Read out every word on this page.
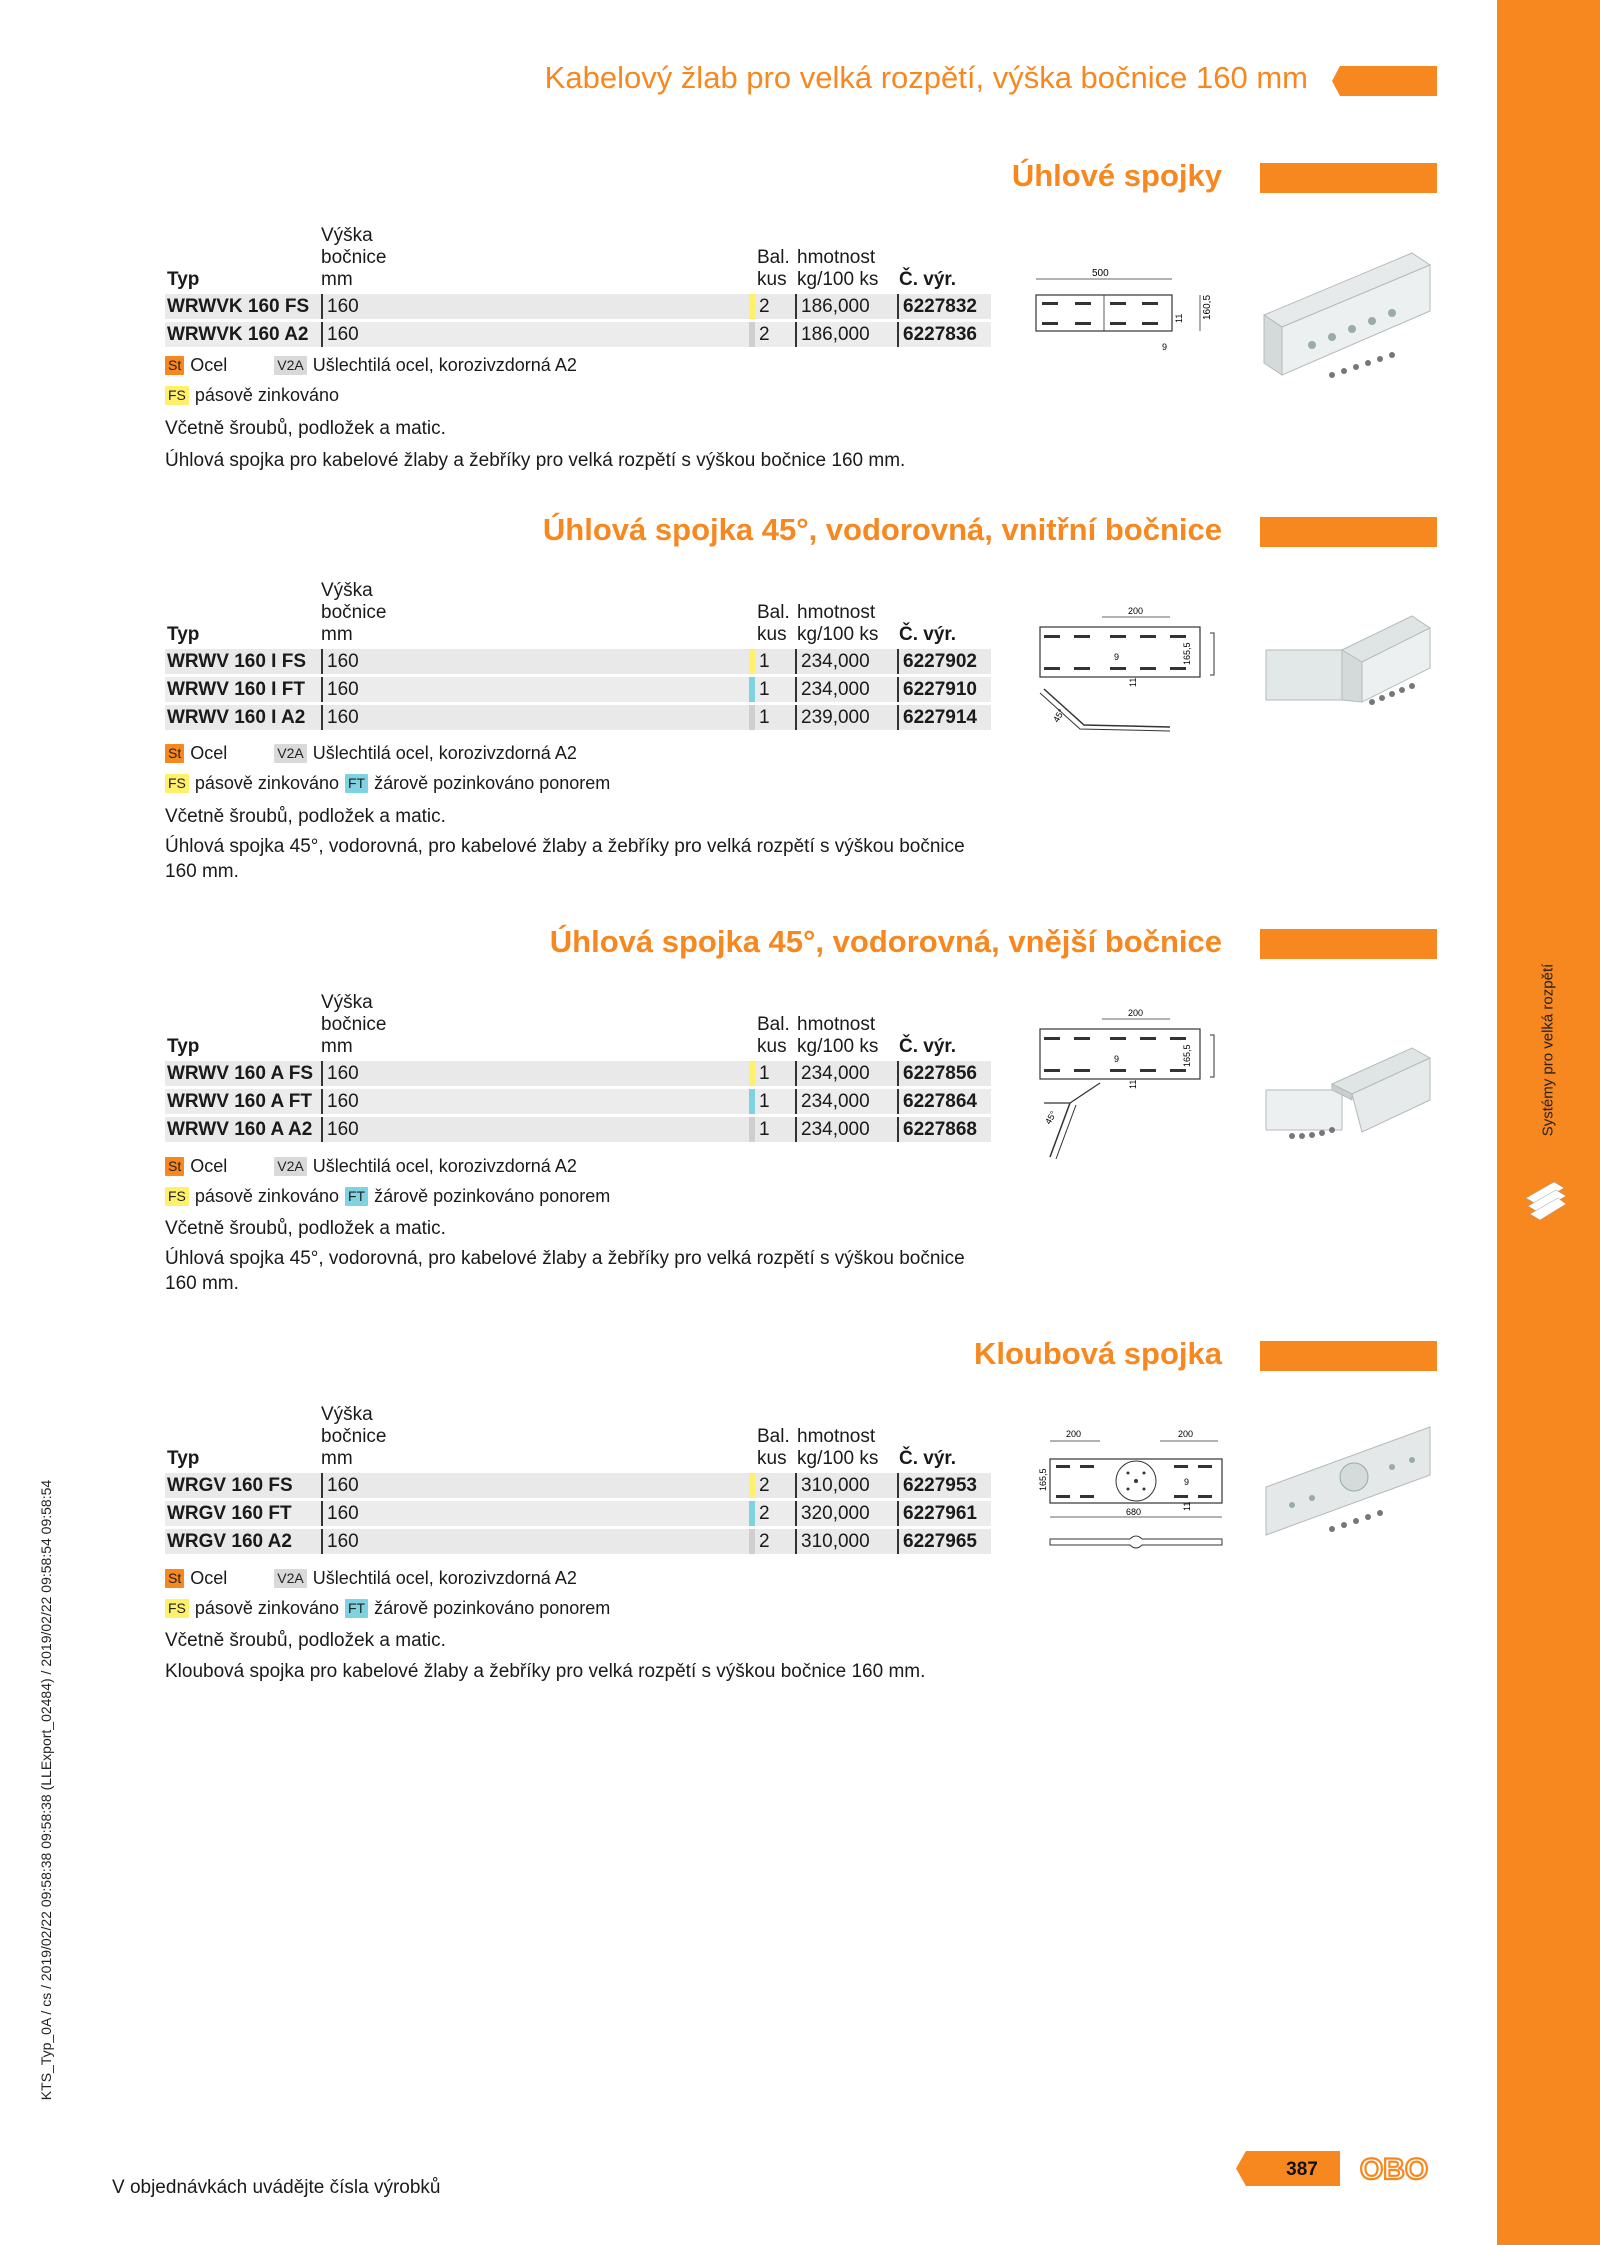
Systémy pro velká rozpětí
KTS_Typ_0A / cs / 2019/02/22 09:58:38 09:58:38 (LLExport_02484) / 2019/02/22 09:58:54 09:58:54
Kabelový žlab pro velká rozpětí, výška bočnice 160 mm
Úhlové spojky
Typ	Výška
bočnice
mm		Bal.
kus	hmotnost
kg/100 ks	Č. výr.
WRWVK 160 FS	160		2	186,000	6227832
WRWVK 160 A2	160		2	186,000	6227836
St Ocel	V2A Ušlechtilá ocel, korozivzdorná A2
FS pásově zinkováno
Včetně šroubů, podložek a matic.
Úhlová spojka pro kabelové žlaby a žebříky pro velká rozpětí s výškou bočnice 160 mm.
500
160,5
11
9
Úhlová spojka 45°, vodorovná, vnitřní bočnice
Typ	Výška
bočnice
mm		Bal.
kus	hmotnost
kg/100 ks	Č. výr.
WRWV 160 I FS	160		1	234,000	6227902
WRWV 160 I FT	160		1	234,000	6227910
WRWV 160 I A2	160		1	239,000	6227914
St Ocel	V2A Ušlechtilá ocel, korozivzdorná A2
FS pásově zinkováno FT žárově pozinkováno ponorem
Včetně šroubů, podložek a matic.
Úhlová spojka 45°, vodorovná, pro kabelové žlaby a žebříky pro velká rozpětí s výškou bočnice 160 mm.
200
9
11
165,5
45°
Úhlová spojka 45°, vodorovná, vnější bočnice
Typ	Výška
bočnice
mm		Bal.
kus	hmotnost
kg/100 ks	Č. výr.
WRWV 160 A FS	160		1	234,000	6227856
WRWV 160 A FT	160		1	234,000	6227864
WRWV 160 A A2	160		1	234,000	6227868
St Ocel	V2A Ušlechtilá ocel, korozivzdorná A2
FS pásově zinkováno FT žárově pozinkováno ponorem
Včetně šroubů, podložek a matic.
Úhlová spojka 45°, vodorovná, pro kabelové žlaby a žebříky pro velká rozpětí s výškou bočnice 160 mm.
200
9
11
165,5
45°
Kloubová spojka
Typ	Výška
bočnice
mm		Bal.
kus	hmotnost
kg/100 ks	Č. výr.
WRGV 160 FS	160		2	310,000	6227953
WRGV 160 FT	160		2	320,000	6227961
WRGV 160 A2	160		2	310,000	6227965
St Ocel	V2A Ušlechtilá ocel, korozivzdorná A2
FS pásově zinkováno FT žárově pozinkováno ponorem
Včetně šroubů, podložek a matic.
Kloubová spojka pro kabelové žlaby a žebříky pro velká rozpětí s výškou bočnice 160 mm.
200	200
165,5	9
11
680
V objednávkách uvádějte čísla výrobků
387 OBO
